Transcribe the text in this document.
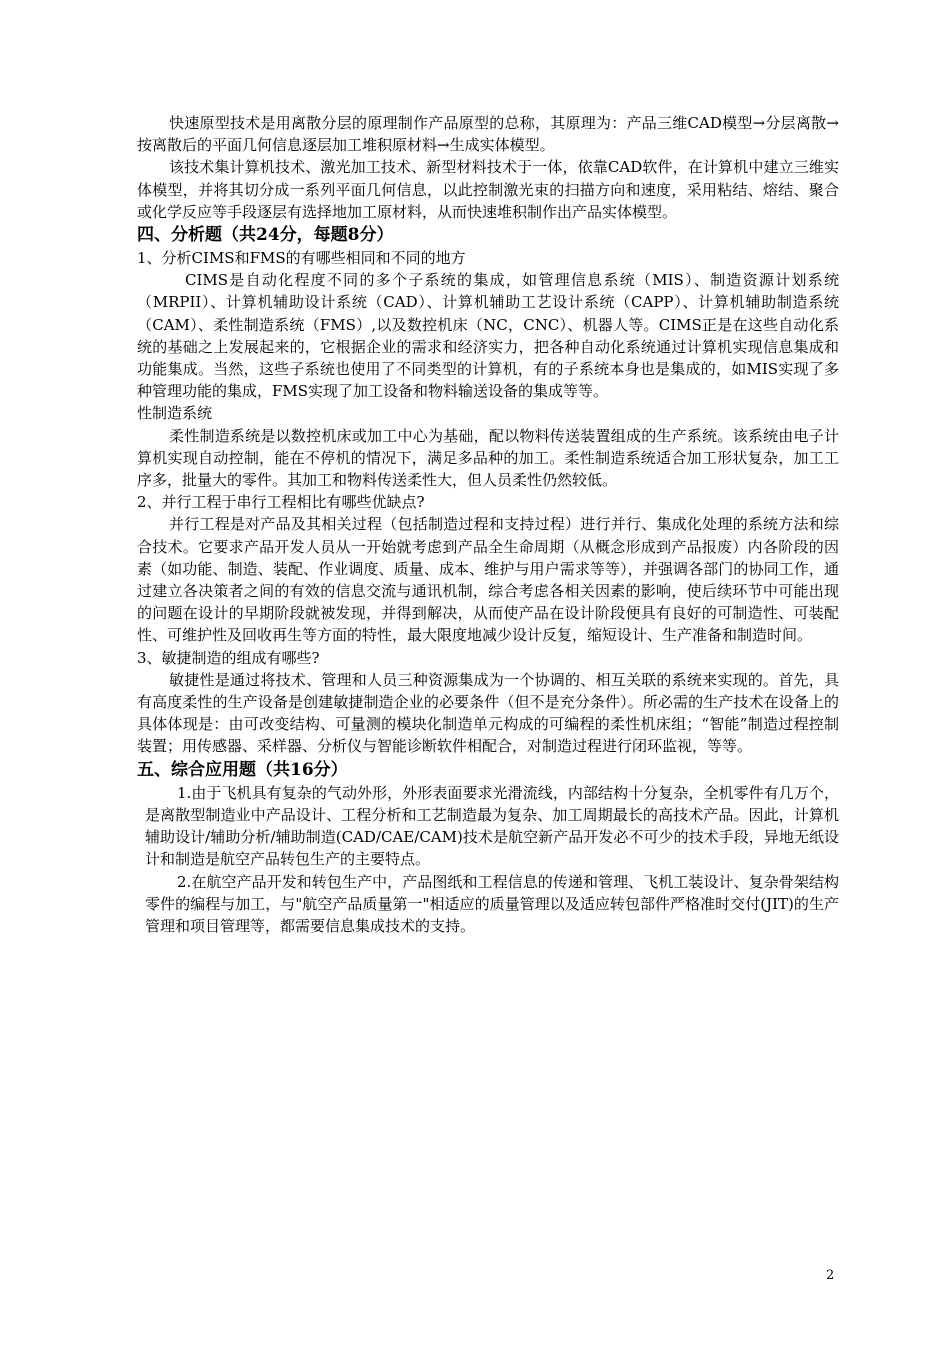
快速原型技术是用离散分层的原理制作产品原型的总称，其原理为：产品三维CAD模型→分层离散→按离散后的平面几何信息逐层加工堆积原材料→生成实体模型。

该技术集计算机技术、激光加工技术、新型材料技术于一体，依靠CAD软件，在计算机中建立三维实体模型，并将其切分成一系列平面几何信息，以此控制激光束的扫描方向和速度，采用粘结、熔结、聚合或化学反应等手段逐层有选择地加工原材料，从而快速堆积制作出产品实体模型。

四、分析题（共24分，每题8分）

1、分析CIMS和FMS的有哪些相同和不同的地方

CIMS是自动化程度不同的多个子系统的集成，如管理信息系统（MIS）、制造资源计划系统（MRPII）、计算机辅助设计系统（CAD）、计算机辅助工艺设计系统（CAPP）、计算机辅助制造系统（CAM）、柔性制造系统（FMS）,以及数控机床（NC，CNC）、机器人等。CIMS正是在这些自动化系统的基础之上发展起来的，它根据企业的需求和经济实力，把各种自动化系统通过计算机实现信息集成和功能集成。当然，这些子系统也使用了不同类型的计算机，有的子系统本身也是集成的，如MIS实现了多种管理功能的集成，FMS实现了加工设备和物料输送设备的集成等等。

性制造系统

柔性制造系统是以数控机床或加工中心为基础，配以物料传送装置组成的生产系统。该系统由电子计算机实现自动控制，能在不停机的情况下，满足多品种的加工。柔性制造系统适合加工形状复杂，加工工序多，批量大的零件。其加工和物料传送柔性大，但人员柔性仍然较低。

2、并行工程于串行工程相比有哪些优缺点?

并行工程是对产品及其相关过程（包括制造过程和支持过程）进行并行、集成化处理的系统方法和综合技术。它要求产品开发人员从一开始就考虑到产品全生命周期（从概念形成到产品报废）内各阶段的因素（如功能、制造、装配、作业调度、质量、成本、维护与用户需求等等），并强调各部门的协同工作，通过建立各决策者之间的有效的信息交流与通讯机制，综合考虑各相关因素的影响，使后续环节中可能出现的问题在设计的早期阶段就被发现，并得到解决，从而使产品在设计阶段便具有良好的可制造性、可装配性、可维护性及回收再生等方面的特性，最大限度地减少设计反复，缩短设计、生产准备和制造时间。

3、敏捷制造的组成有哪些?

敏捷性是通过将技术、管理和人员三种资源集成为一个协调的、相互关联的系统来实现的。首先，具有高度柔性的生产设备是创建敏捷制造企业的必要条件（但不是充分条件）。所必需的生产技术在设备上的具体体现是：由可改变结构、可量测的模块化制造单元构成的可编程的柔性机床组；“智能”制造过程控制装置；用传感器、采样器、分析仪与智能诊断软件相配合，对制造过程进行闭环监视，等等。

五、综合应用题（共16分）

1.由于飞机具有复杂的气动外形，外形表面要求光滑流线，内部结构十分复杂，全机零件有几万个，是离散型制造业中产品设计、工程分析和工艺制造最为复杂、加工周期最长的高技术产品。因此，计算机辅助设计/辅助分析/辅助制造(CAD/CAE/CAM)技术是航空新产品开发必不可少的技术手段，异地无纸设计和制造是航空产品转包生产的主要特点。

2.在航空产品开发和转包生产中，产品图纸和工程信息的传递和管理、飞机工装设计、复杂骨架结构零件的编程与加工，与"航空产品质量第一"相适应的质量管理以及适应转包部件严格准时交付(JIT)的生产管理和项目管理等，都需要信息集成技术的支持。

2
